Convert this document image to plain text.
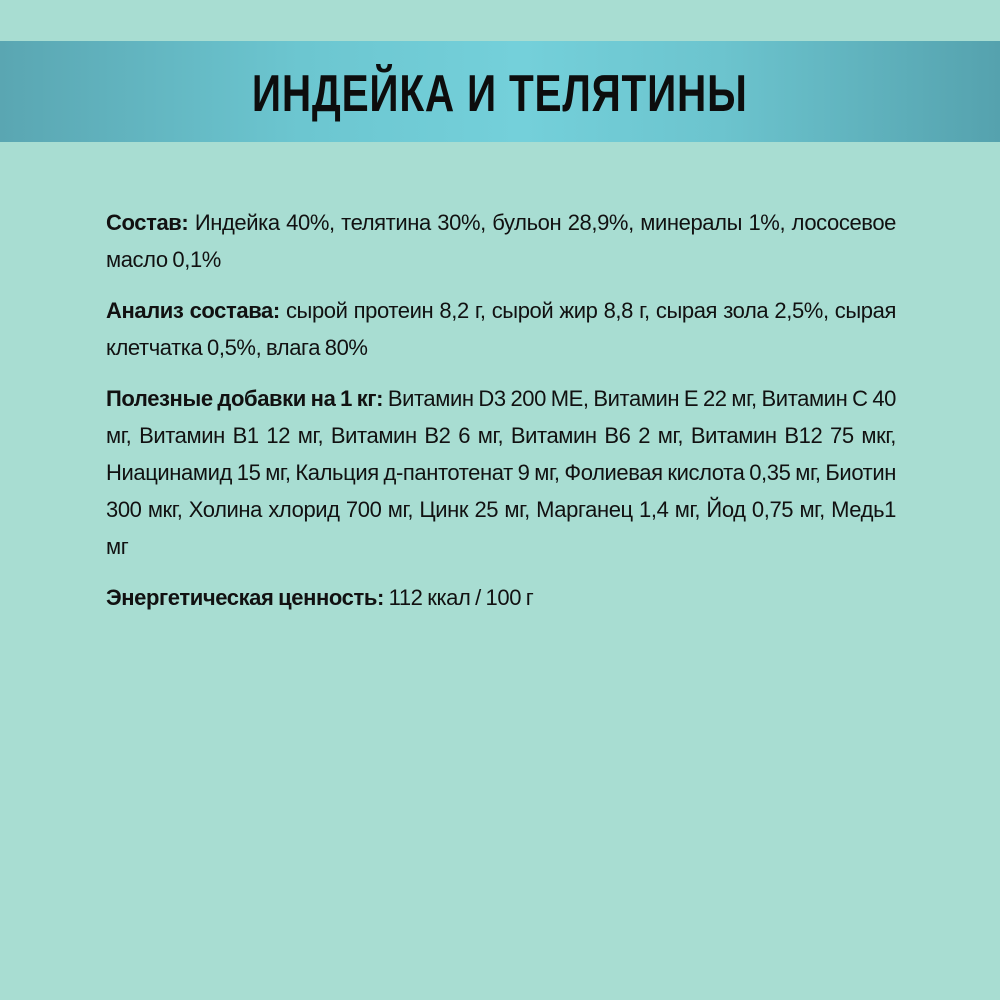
ИНДЕЙКА И ТЕЛЯТИНЫ

Состав: Индейка 40%, телятина 30%, бульон 28,9%, минералы 1%, лососевое масло 0,1%

Анализ состава: сырой протеин 8,2 г, сырой жир 8,8 г, сырая зола 2,5%, сырая клетчатка 0,5%, влага 80%

Полезные добавки на 1 кг: Витамин D3 200 МЕ, Витамин Е 22 мг, Витамин С 40 мг, Витамин B1 12 мг, Витамин B2 6 мг, Витамин B6 2 мг, Витамин B12 75 мкг, Ниацинамид 15 мг, Кальция д-пантотенат 9 мг, Фолиевая кислота 0,35 мг, Биотин 300 мкг, Холина хлорид 700 мг, Цинк 25 мг, Марганец 1,4 мг, Йод 0,75 мг, Медь1 мг

Энергетическая ценность: 112 ккал / 100 г
